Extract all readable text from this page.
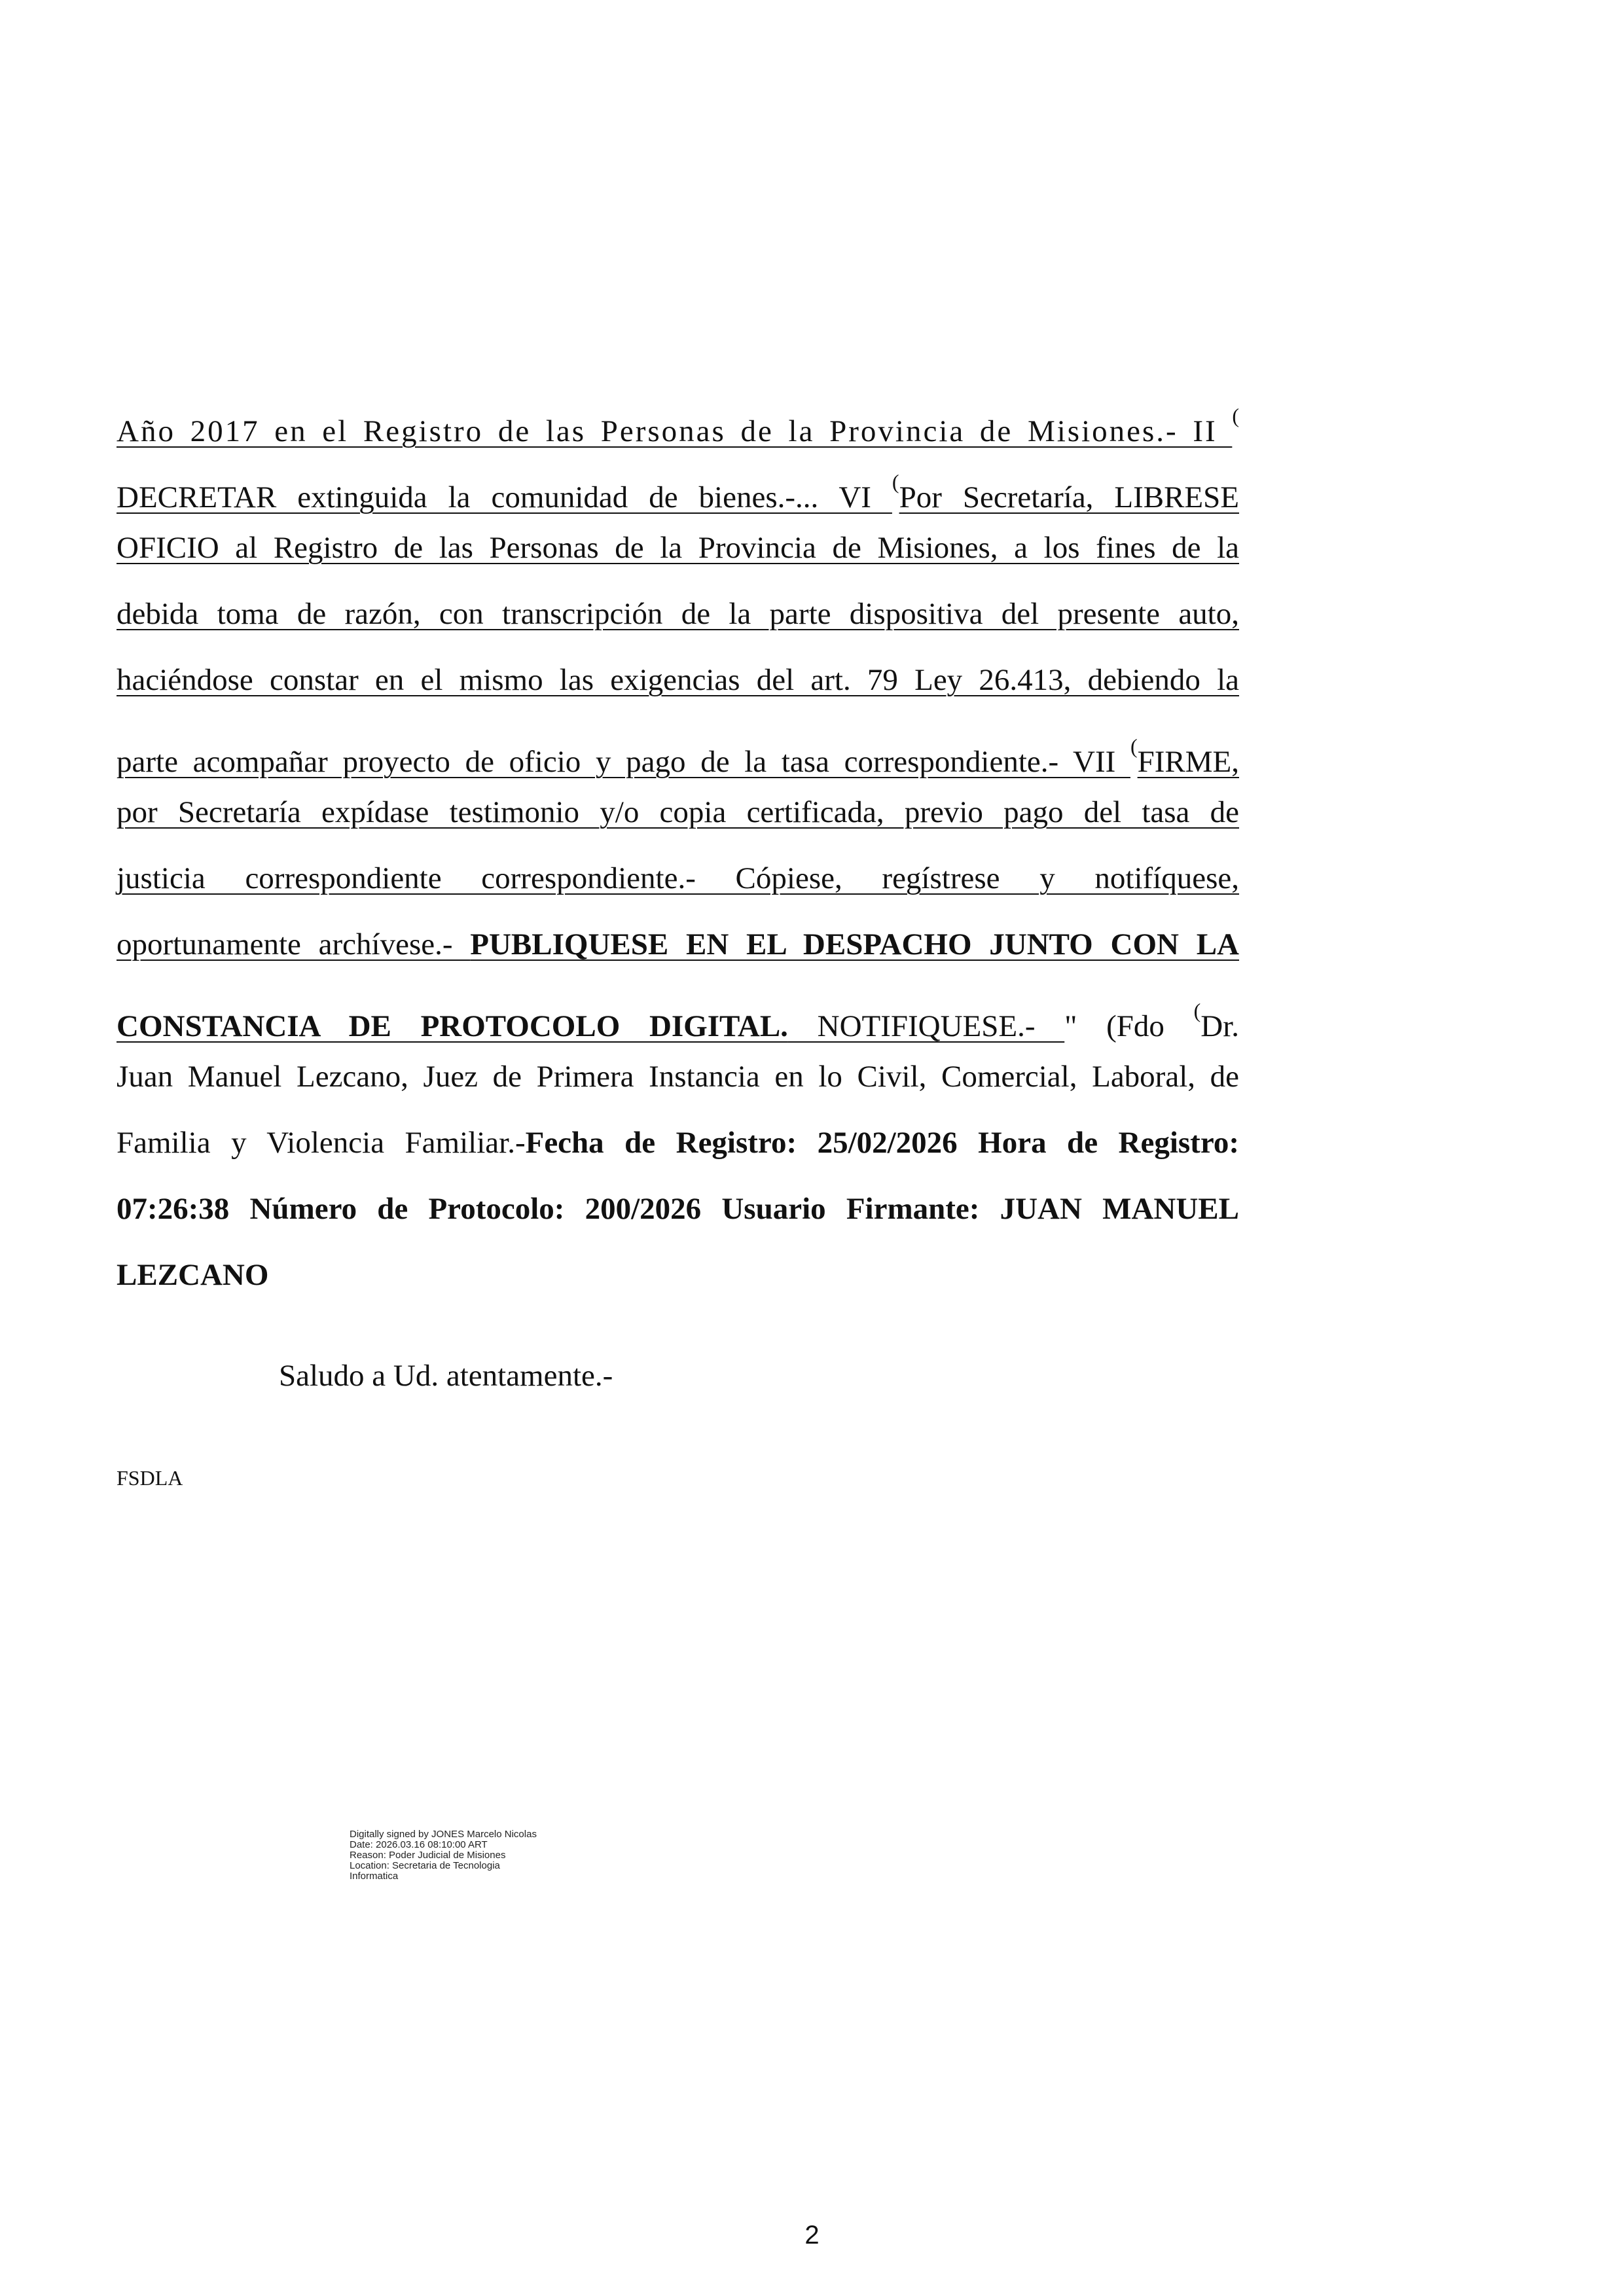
Año 2017 en el Registro de las Personas de la Provincia de Misiones.- II (
DECRETAR extinguida la comunidad de bienes.-... VI (Por Secretaría, LIBRESE
OFICIO al Registro de las Personas de la Provincia de Misiones, a los fines de la
debida toma de razón, con transcripción de la parte dispositiva del presente auto,
haciéndose constar en el mismo las exigencias del art. 79 Ley 26.413, debiendo la
parte acompañar proyecto de oficio y pago de la tasa correspondiente.- VII (FIRME,
por Secretaría expídase testimonio y/o copia certificada, previo pago del tasa de
justicia correspondiente correspondiente.- Cópiese, regístrese y notifíquese,
oportunamente archívese.- PUBLIQUESE EN EL DESPACHO JUNTO CON LA
CONSTANCIA DE PROTOCOLO DIGITAL. NOTIFIQUESE.- " (Fdo (Dr.
Juan Manuel Lezcano, Juez de Primera Instancia en lo Civil, Comercial, Laboral, de
Familia y Violencia Familiar.-Fecha de Registro: 25/02/2026 Hora de Registro:
07:26:38 Número de Protocolo: 200/2026 Usuario Firmante: JUAN MANUEL
LEZCANO
Saludo a Ud. atentamente.-
FSDLA
Digitally signed by JONES Marcelo Nicolas
Date: 2026.03.16 08:10:00 ART
Reason: Poder Judicial de Misiones
Location: Secretaria de Tecnologia
Informatica
2
